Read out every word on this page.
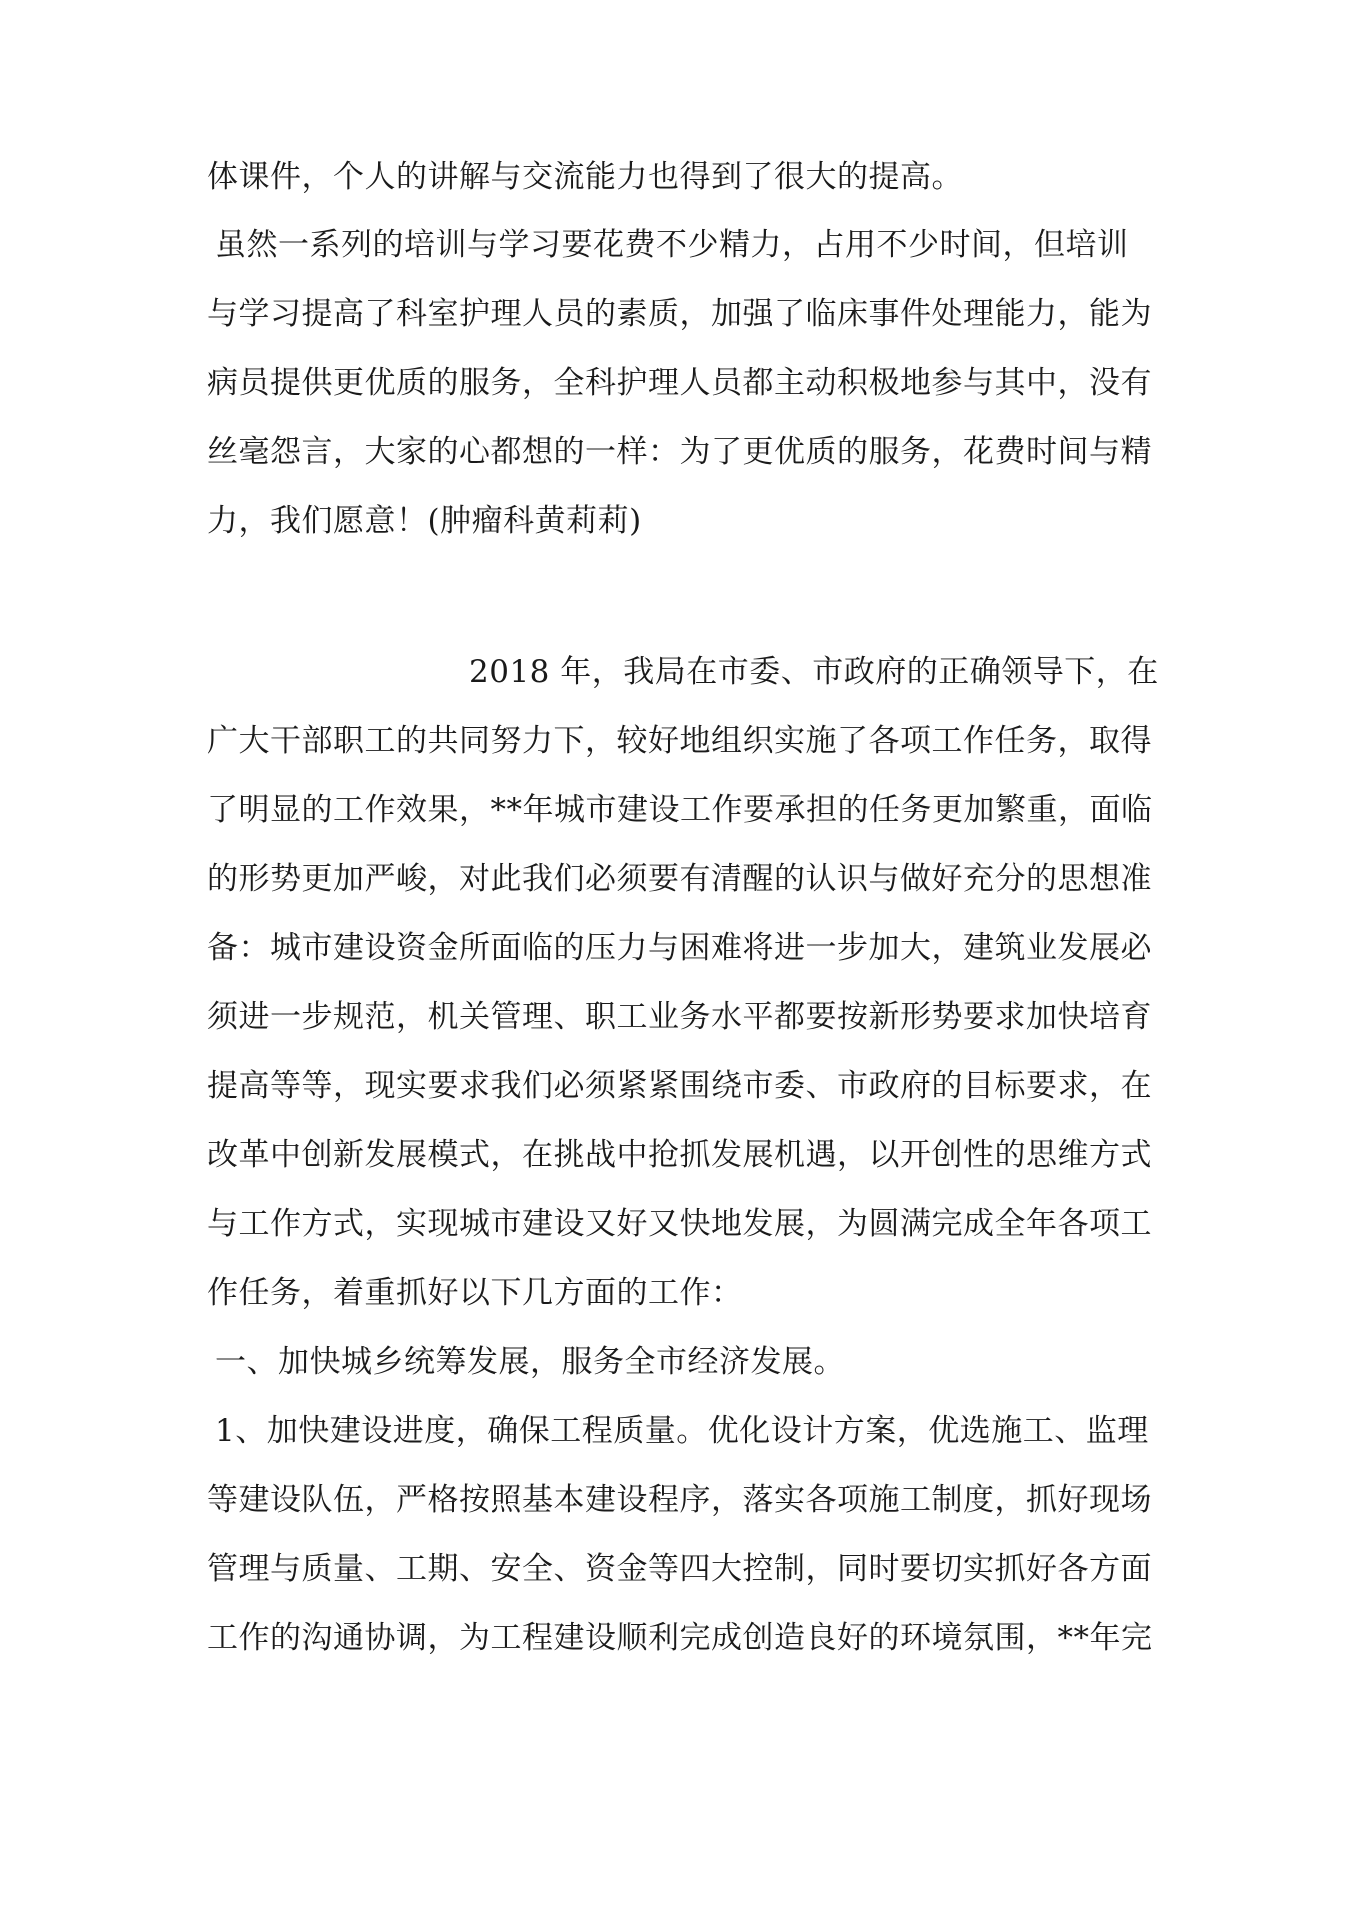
体课件，个人的讲解与交流能力也得到了很大的提高。
虽然一系列的培训与学习要花费不少精力，占用不少时间，但培训
与学习提高了科室护理人员的素质，加强了临床事件处理能力，能为
病员提供更优质的服务，全科护理人员都主动积极地参与其中，没有
丝毫怨言，大家的心都想的一样：为了更优质的服务，花费时间与精
力，我们愿意！(肿瘤科黄莉莉)
2018 年，我局在市委、市政府的正确领导下，在
广大干部职工的共同努力下，较好地组织实施了各项工作任务，取得
了明显的工作效果，**年城市建设工作要承担的任务更加繁重，面临
的形势更加严峻，对此我们必须要有清醒的认识与做好充分的思想准
备：城市建设资金所面临的压力与困难将进一步加大，建筑业发展必
须进一步规范，机关管理、职工业务水平都要按新形势要求加快培育
提高等等，现实要求我们必须紧紧围绕市委、市政府的目标要求，在
改革中创新发展模式，在挑战中抢抓发展机遇，以开创性的思维方式
与工作方式，实现城市建设又好又快地发展，为圆满完成全年各项工
作任务，着重抓好以下几方面的工作：
一、加快城乡统筹发展，服务全市经济发展。
1、加快建设进度，确保工程质量。优化设计方案，优选施工、监理
等建设队伍，严格按照基本建设程序，落实各项施工制度，抓好现场
管理与质量、工期、安全、资金等四大控制，同时要切实抓好各方面
工作的沟通协调，为工程建设顺利完成创造良好的环境氛围，**年完
